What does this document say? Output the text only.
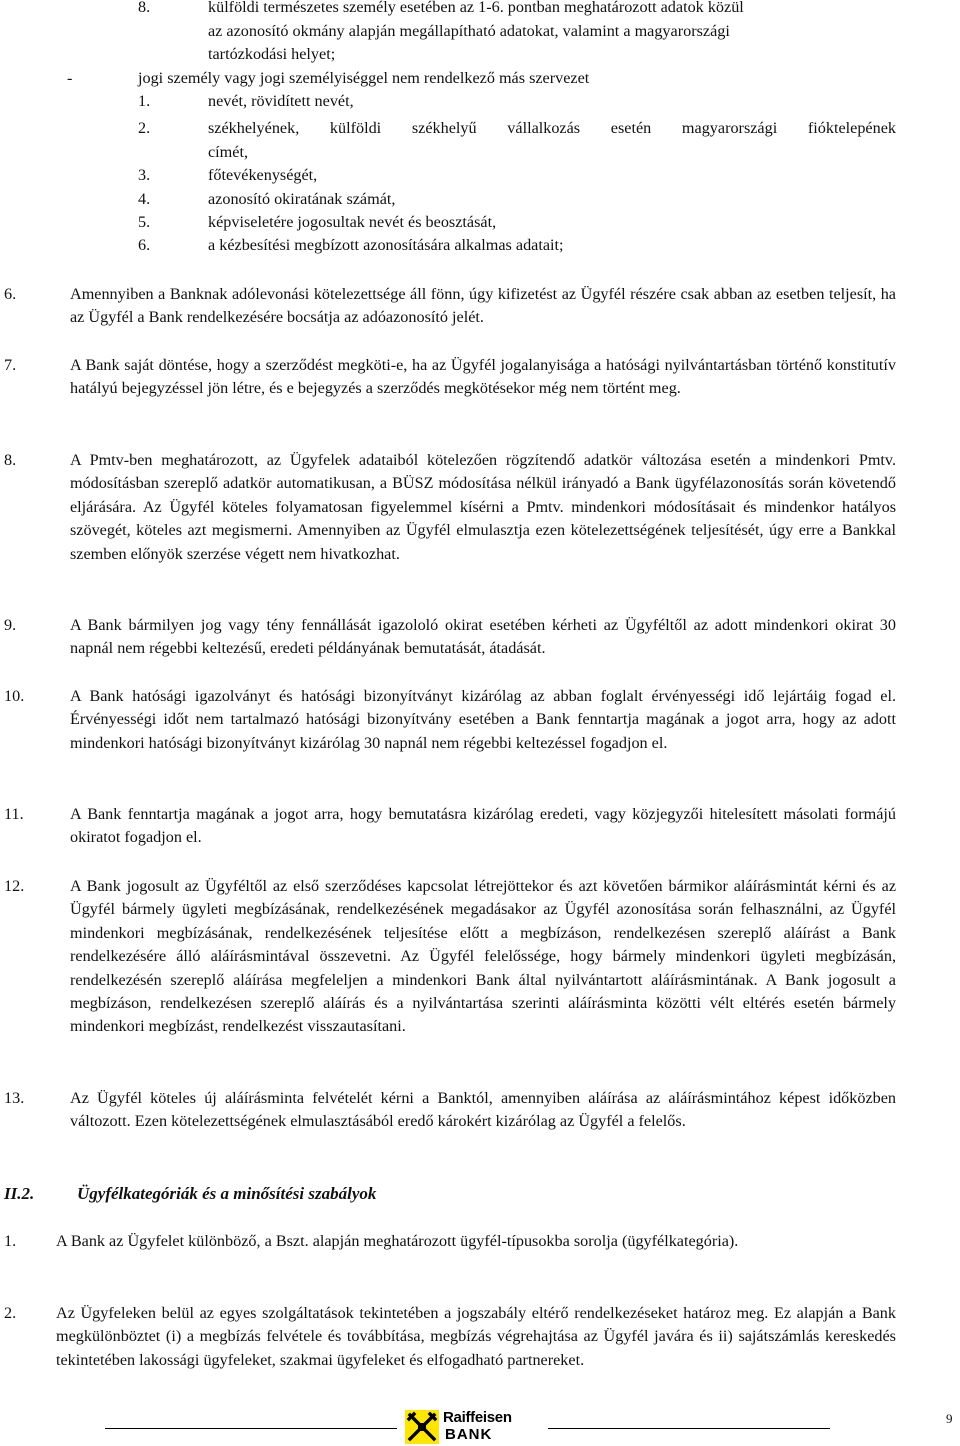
8.	külföldi természetes személy esetében az 1-6. pontban meghatározott adatok közül
az azonosító okmány alapján megállapítható adatokat, valamint a magyarországi
tartózkodási helyet;
-	jogi személy vagy jogi személyiséggel nem rendelkező más szervezet
1.	nevét, rövidített nevét,
2.	székhelyének, külföldi székhelyű vállalkozás esetén magyarországi fióktelepének
címét,
3.	főtevékenységét,
4.	azonosító okiratának számát,
5.	képviseletére jogosultak nevét és beosztását,
6.	a kézbesítési megbízott azonosítására alkalmas adatait;
6.	Amennyiben a Banknak adólevonási kötelezettsége áll fönn, úgy kifizetést az Ügyfél részére csak abban az esetben teljesít, ha az Ügyfél a Bank rendelkezésére bocsátja az adóazonosító jelét.
7.	A Bank saját döntése, hogy a szerződést megköti-e, ha az Ügyfél jogalanyisága a hatósági nyilvántartásban történő konstitutív hatályú bejegyzéssel jön létre, és e bejegyzés a szerződés megkötésekor még nem történt meg.
8.	A Pmtv-ben meghatározott, az Ügyfelek adataiból kötelezően rögzítendő adatkör változása esetén a mindenkori Pmtv. módosításban szereplő adatkör automatikusan, a BÜSZ módosítása nélkül irányadó a Bank ügyfélazonosítás során követendő eljárására. Az Ügyfél köteles folyamatosan figyelemmel kísérni a Pmtv. mindenkori módosításait és mindenkor hatályos szövegét, köteles azt megismerni. Amennyiben az Ügyfél elmulasztja ezen kötelezettségének teljesítését, úgy erre a Bankkal szemben előnyök szerzése végett nem hivatkozhat.
9.	A Bank bármilyen jog vagy tény fennállását igazololó okirat esetében kérheti az Ügyféltől az adott mindenkori okirat 30 napnál nem régebbi keltezésű, eredeti példányának bemutatását, átadását.
10.	A Bank hatósági igazolványt és hatósági bizonyítványt kizárólag az abban foglalt érvényességi idő lejártáig fogad el. Érvényességi időt nem tartalmazó hatósági bizonyítvány esetében a Bank fenntartja magának a jogot arra, hogy az adott mindenkori hatósági bizonyítványt kizárólag 30 napnál nem régebbi keltezéssel fogadjon el.
11.	A Bank fenntartja magának a jogot arra, hogy bemutatásra kizárólag eredeti, vagy közjegyzői hitelesített másolati formájú okiratot fogadjon el.
12.	A Bank jogosult az Ügyféltől az első szerződéses kapcsolat létrejöttekor és azt követően bármikor aláírásmintát kérni és az Ügyfél bármely ügyleti megbízásának, rendelkezésének megadásakor az Ügyfél azonosítása során felhasználni, az Ügyfél mindenkori megbízásának, rendelkezésének teljesítése előtt a megbízáson, rendelkezésen szereplő aláírást a Bank rendelkezésére álló aláírásmintával összevetni. Az Ügyfél felelőssége, hogy bármely mindenkori ügyleti megbízásán, rendelkezésén szereplő aláírása megfeleljen a mindenkori Bank által nyilvántartott aláírásmintának. A Bank jogosult a megbízáson, rendelkezésen szereplő aláírás és a nyilvántartása szerinti aláírásminta közötti vélt eltérés esetén bármely mindenkori megbízást, rendelkezést visszautasítani.
13.	Az Ügyfél köteles új aláírásminta felvételét kérni a Banktól, amennyiben aláírása az aláírásmintához képest időközben változott. Ezen kötelezettségének elmulasztásából eredő károkért kizárólag az Ügyfél a felelős.
II.2.	Ügyfélkategóriák és a minősítési szabályok
1. A Bank az Ügyfelet különböző, a Bszt. alapján meghatározott ügyfél-típusokba sorolja (ügyfélkategória).
2. Az Ügyfeleken belül az egyes szolgáltatások tekintetében a jogszabály eltérő rendelkezéseket határoz meg. Ez alapján a Bank megkülönböztet (i) a megbízás felvétele és továbbítása, megbízás végrehajtása az Ügyfél javára és ii) sajátszámlás kereskedés tekintetében lakossági ügyfeleket, szakmai ügyfeleket és elfogadható partnereket.
Raiffeisen
BANK
9
